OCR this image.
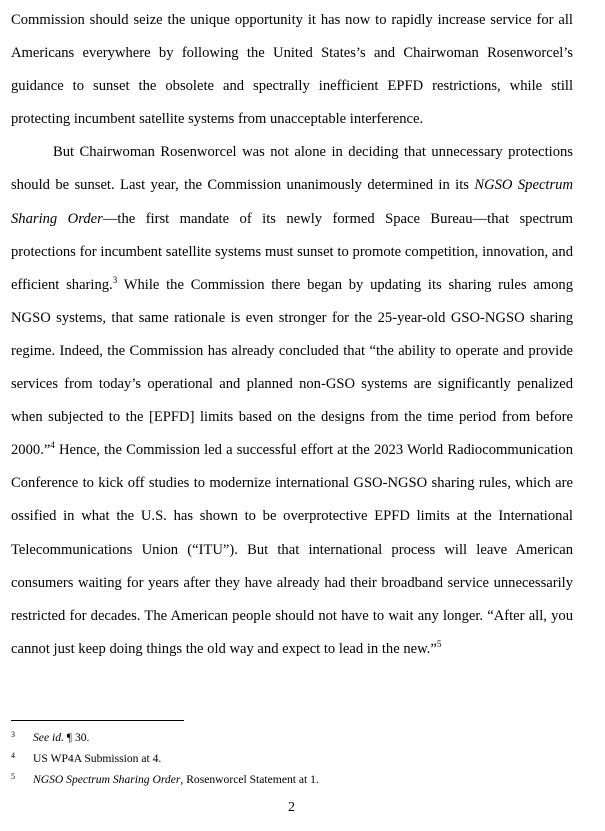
Commission should seize the unique opportunity it has now to rapidly increase service for all Americans everywhere by following the United States’s and Chairwoman Rosenworcel’s guidance to sunset the obsolete and spectrally inefficient EPFD restrictions, while still protecting incumbent satellite systems from unacceptable interference.

But Chairwoman Rosenworcel was not alone in deciding that unnecessary protections should be sunset. Last year, the Commission unanimously determined in its NGSO Spectrum Sharing Order—the first mandate of its newly formed Space Bureau—that spectrum protections for incumbent satellite systems must sunset to promote competition, innovation, and efficient sharing.$^3$ While the Commission there began by updating its sharing rules among NGSO systems, that same rationale is even stronger for the 25-year-old GSO-NGSO sharing regime. Indeed, the Commission has already concluded that “the ability to operate and provide services from today’s operational and planned non-GSO systems are significantly penalized when subjected to the [EPFD] limits based on the designs from the time period from before 2000.”$^4$ Hence, the Commission led a successful effort at the 2023 World Radiocommunication Conference to kick off studies to modernize international GSO-NGSO sharing rules, which are ossified in what the U.S. has shown to be overprotective EPFD limits at the International Telecommunications Union (“ITU”). But that international process will leave American consumers waiting for years after they have already had their broadband service unnecessarily restricted for decades. The American people should not have to wait any longer. “After all, you cannot just keep doing things the old way and expect to lead in the new.”$^5$

3 See id. ¶ 30.
4 US WP4A Submission at 4.
5 NGSO Spectrum Sharing Order, Rosenworcel Statement at 1.
2
